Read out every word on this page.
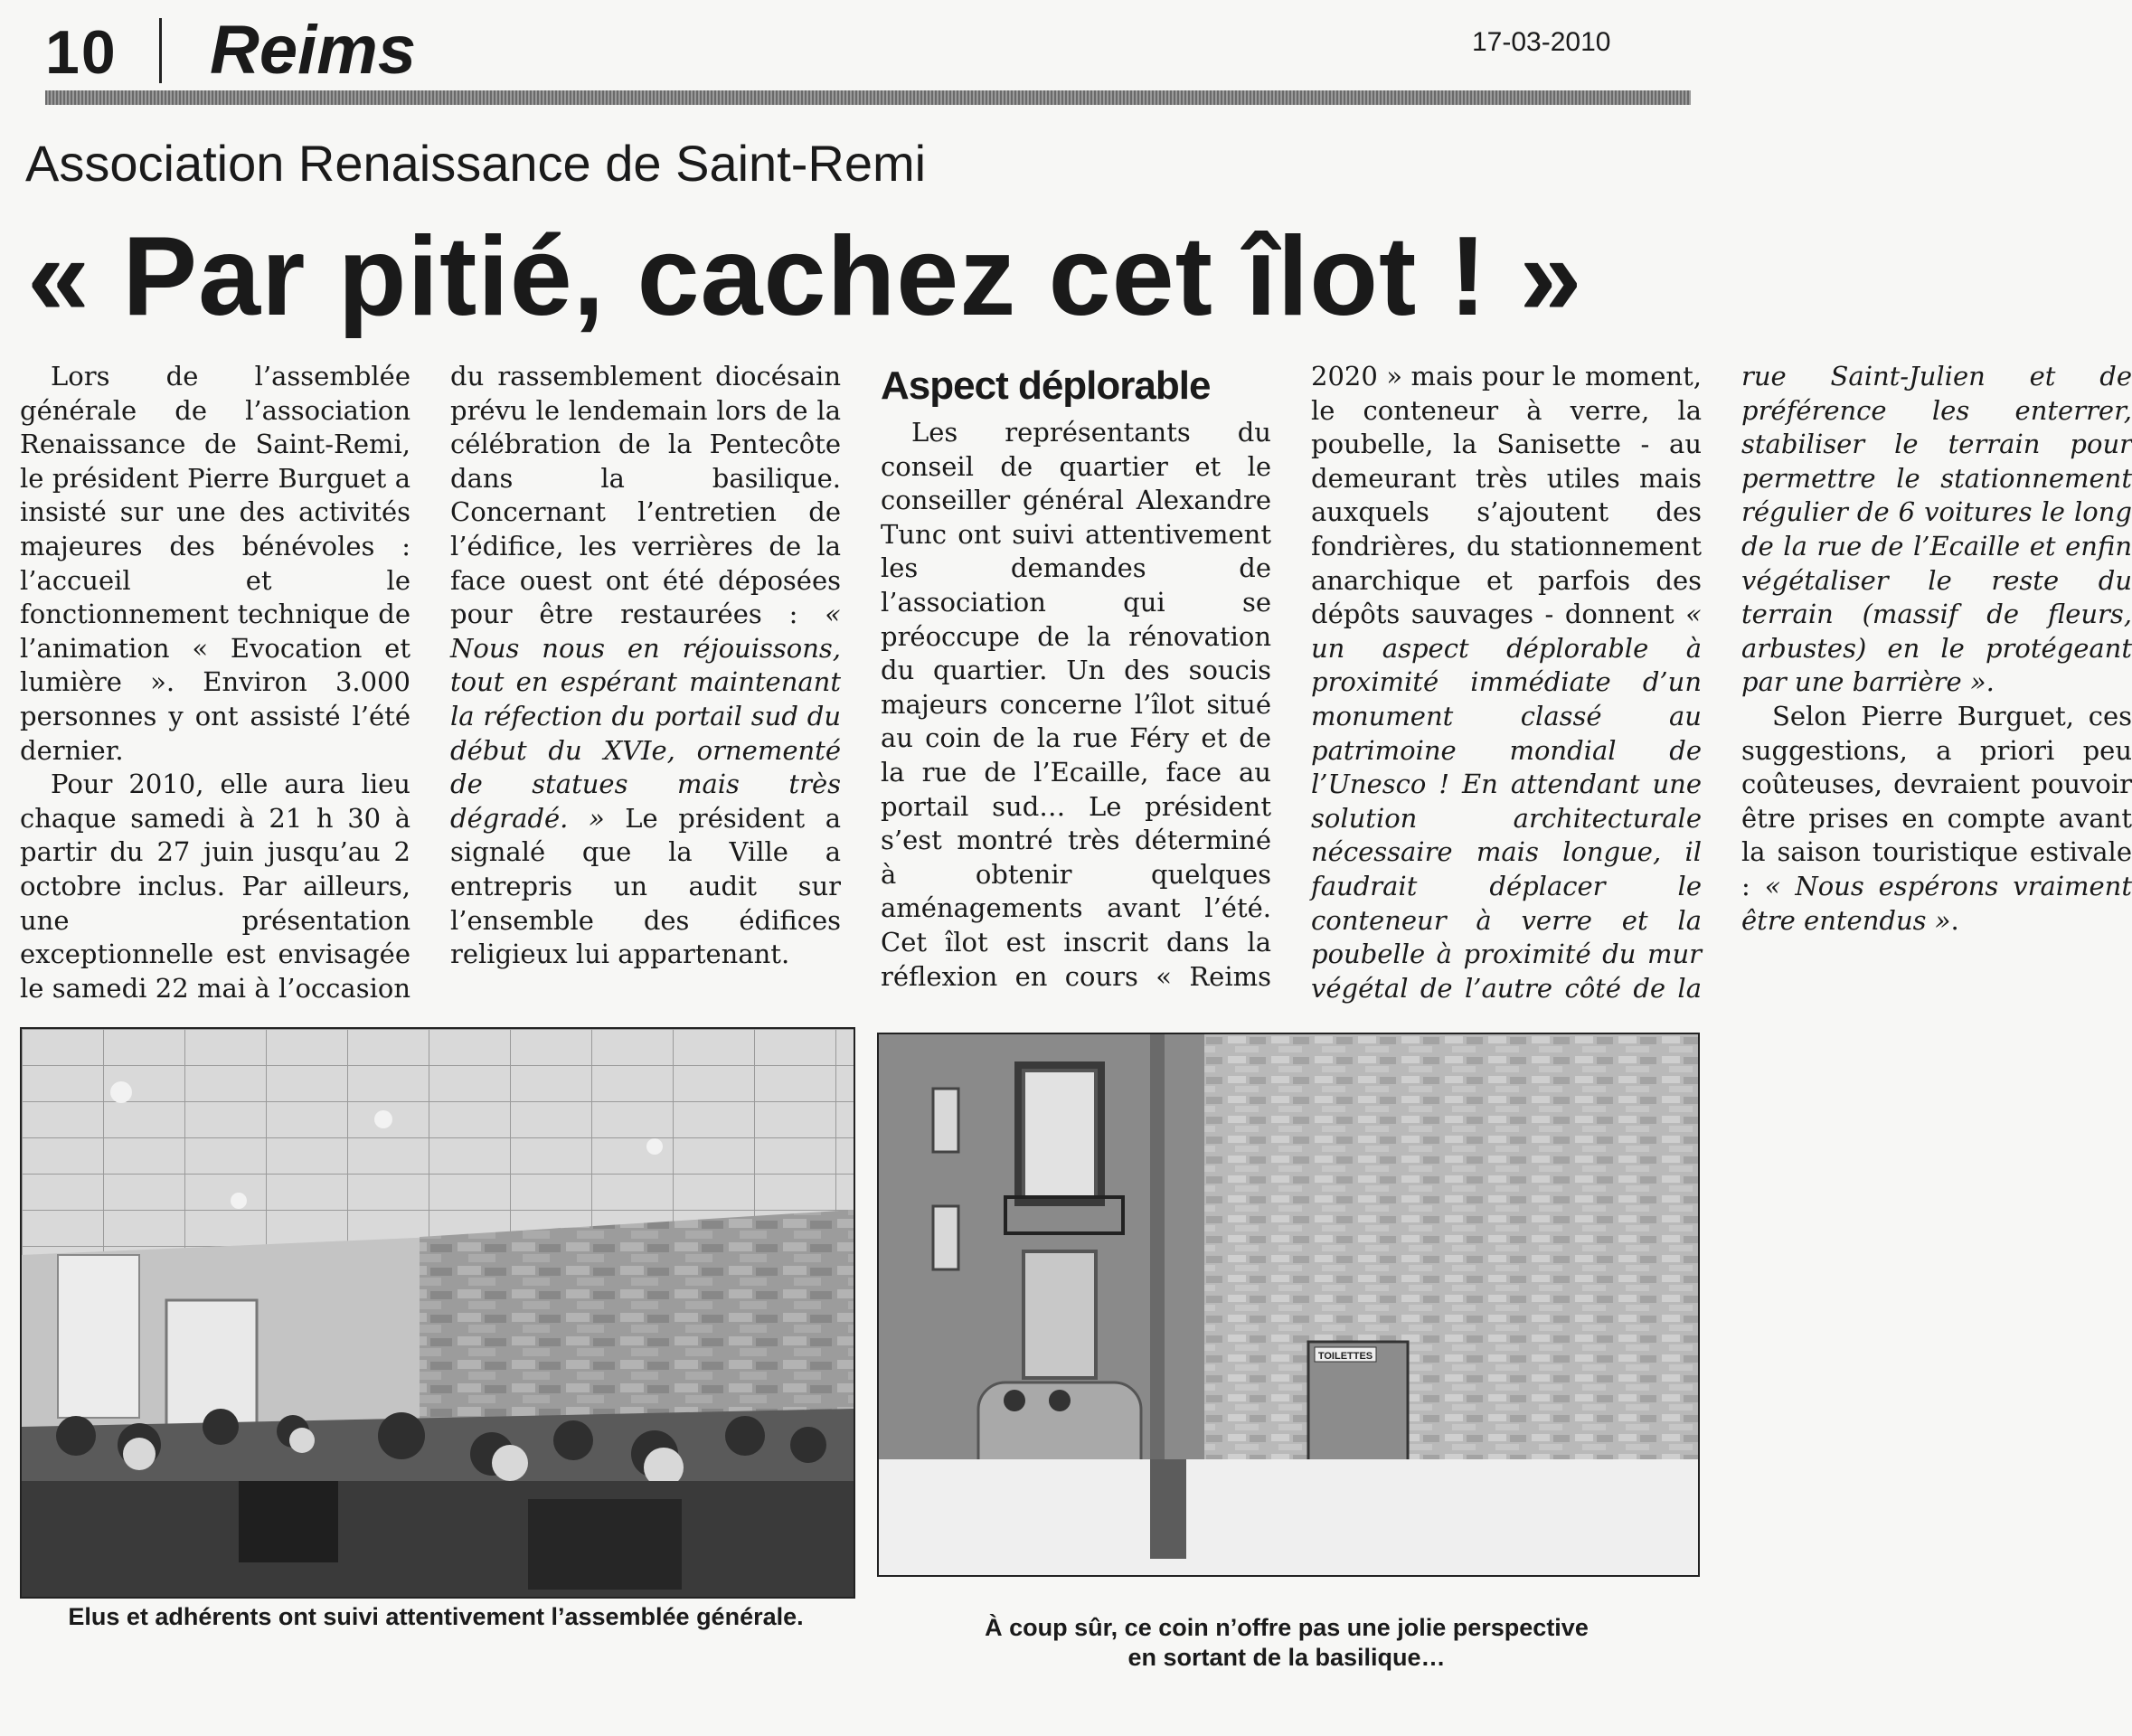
10 Reims	17-03-2010
Association Renaissance de Saint-Remi
« Par pitié, cachez cet îlot ! »

Lors de l’assemblée générale de l’association Renaissance de Saint-Remi, le président Pierre Burguet a insisté sur une des activités majeures des bénévoles : l’accueil et le fonctionnement technique de l’animation « Evocation et lumière ». Environ 3.000 personnes y ont assisté l’été dernier.

Pour 2010, elle aura lieu chaque samedi à 21 h 30 à partir du 27 juin jusqu’au 2 octobre inclus. Par ailleurs, une présentation exceptionnelle est envisagée le samedi 22 mai à l’occasion du rassemblement diocésain prévu le lendemain lors de la célébration de la Pentecôte dans la basilique. Concernant l’entretien de l’édifice, les verrières de la face ouest ont été déposées pour être restaurées : « Nous nous en réjouissons, tout en espérant maintenant la réfection du portail sud du début du XVIe, ornementé de statues mais très dégradé. » Le président a signalé que la Ville a entrepris un audit sur l’ensemble des édifices religieux lui appartenant.

Aspect déplorable

Les représentants du conseil de quartier et le conseiller général Alexandre Tunc ont suivi attentivement les demandes de l’association qui se préoccupe de la rénovation du quartier. Un des soucis majeurs concerne l’îlot situé au coin de la rue Féry et de la rue de l’Ecaille, face au portail sud… Le président s’est montré très déterminé à obtenir quelques aménagements avant l’été. Cet îlot est inscrit dans la réflexion en cours « Reims 2020 » mais pour le moment, le conteneur à verre, la poubelle, la Sanisette - au demeurant très utiles mais auxquels s’ajoutent des fondrières, du stationnement anarchique et parfois des dépôts sauvages - donnent « un aspect déplorable à proximité immédiate d’un monument classé au patrimoine mondial de l’Unesco ! En attendant une solution architecturale nécessaire mais longue, il faudrait déplacer le conteneur à verre et la poubelle à proximité du mur végétal de l’autre côté de la rue Saint-Julien et de préférence les enterrer, stabiliser le terrain pour permettre le stationnement régulier de 6 voitures le long de la rue de l’Ecaille et enfin végétaliser le reste du terrain (massif de fleurs, arbustes) en le protégeant par une barrière ».

Selon Pierre Burguet, ces suggestions, a priori peu coûteuses, devraient pouvoir être prises en compte avant la saison touristique estivale : « Nous espérons vraiment être entendus ».

Elus et adhérents ont suivi attentivement l’assemblée générale.
TOILETTES
À coup sûr, ce coin n’offre pas une jolie perspective
en sortant de la basilique…
